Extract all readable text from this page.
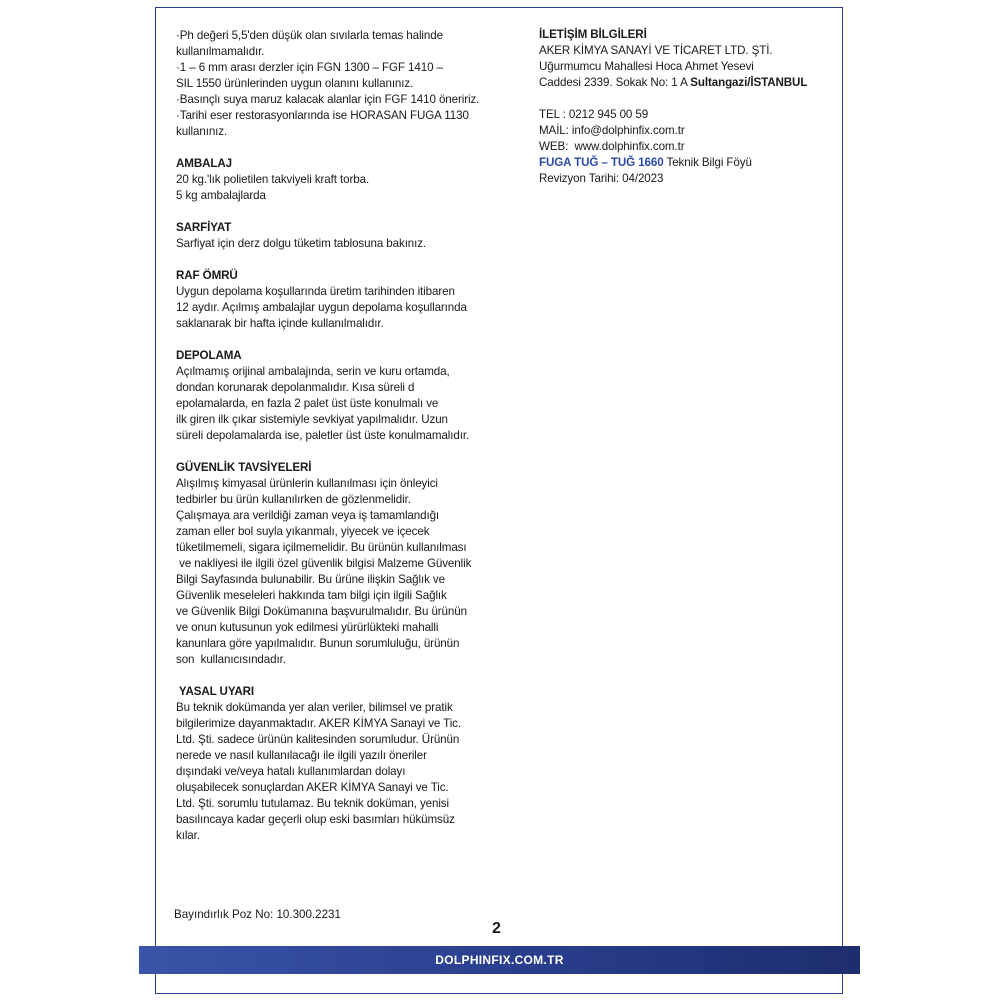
·Ph değeri 5,5'den düşük olan sıvılarla temas halinde
kullanılmamalıdır.
·1 – 6 mm arası derzler için FGN 1300 – FGF 1410 –
SIL 1550 ürünlerinden uygun olanını kullanınız.
·Basınçlı suya maruz kalacak alanlar için FGF 1410 öneririz.
·Tarihi eser restorasyonlarında ise HORASAN FUGA 1130
kullanınız.
AMBALAJ
20 kg.'lık polietilen takviyeli kraft torba.
5 kg ambalajlarda
SARFİYAT
Sarfiyat için derz dolgu tüketim tablosuna bakınız.
RAF ÖMRÜ
Uygun depolama koşullarında üretim tarihinden itibaren
12 aydır. Açılmış ambalajlar uygun depolama koşullarında
saklanarak bir hafta içinde kullanılmalıdır.
DEPOLAMA
Açılmamış orijinal ambalajında, serin ve kuru ortamda,
dondan korunarak depolanmalıdır. Kısa süreli d
epolamalarda, en fazla 2 palet üst üste konulmalı ve
ilk giren ilk çıkar sistemiyle sevkiyat yapılmalıdır. Uzun
süreli depolamalarda ise, paletler üst üste konulmamalıdır.
GÜVENLİK TAVSİYELERİ
Alışılmış kimyasal ürünlerin kullanılması için önleyici
tedbirler bu ürün kullanılırken de gözlenmelidir.
Çalışmaya ara verildiği zaman veya iş tamamlandığı
zaman eller bol suyla yıkanmalı, yiyecek ve içecek
tüketilmemeli, sigara içilmemelidir. Bu ürünün kullanılması
ve nakliyesi ile ilgili özel güvenlik bilgisi Malzeme Güvenlik
Bilgi Sayfasında bulunabilir. Bu ürüne ilişkin Sağlık ve
Güvenlik meseleleri hakkında tam bilgi için ilgili Sağlık
ve Güvenlik Bilgi Dokümanına başvurulmalıdır. Bu ürünün
ve onun kutusunun yok edilmesi yürürlükteki mahalli
kanunlara göre yapılmalıdır. Bunun sorumluluğu, ürünün
son  kullanıcısındadır.
YASAL UYARI
Bu teknik dokümanda yer alan veriler, bilimsel ve pratik
bilgilerimize dayanmaktadır. AKER KİMYA Sanayi ve Tic.
Ltd. Şti. sadece ürünün kalitesinden sorumludur. Ürünün
nerede ve nasıl kullanılacağı ile ilgili yazılı öneriler
dışındaki ve/veya hatalı kullanımlardan dolayı
oluşabilecek sonuçlardan AKER KİMYA Sanayi ve Tic.
Ltd. Şti. sorumlu tutulamaz. Bu teknik doküman, yenisi
basılıncaya kadar geçerli olup eski basımları hükümsüz
kılar.
İLETİŞİM BİLGİLERİ
AKER KİMYA SANAYİ VE TİCARET LTD. ŞTİ.
Uğurmumcu Mahallesi Hoca Ahmet Yesevi
Caddesi 2339. Sokak No: 1 A Sultangazi/İSTANBUL
TEL : 0212 945 00 59
MAİL: info@dolphinfix.com.tr
WEB:  www.dolphinfix.com.tr
FUGA TUĞ – TUĞ 1660 Teknik Bilgi Föyü
Revizyon Tarihi: 04/2023
Bayındırlık Poz No: 10.300.2231
2
DOLPHINFIX.COM.TR
